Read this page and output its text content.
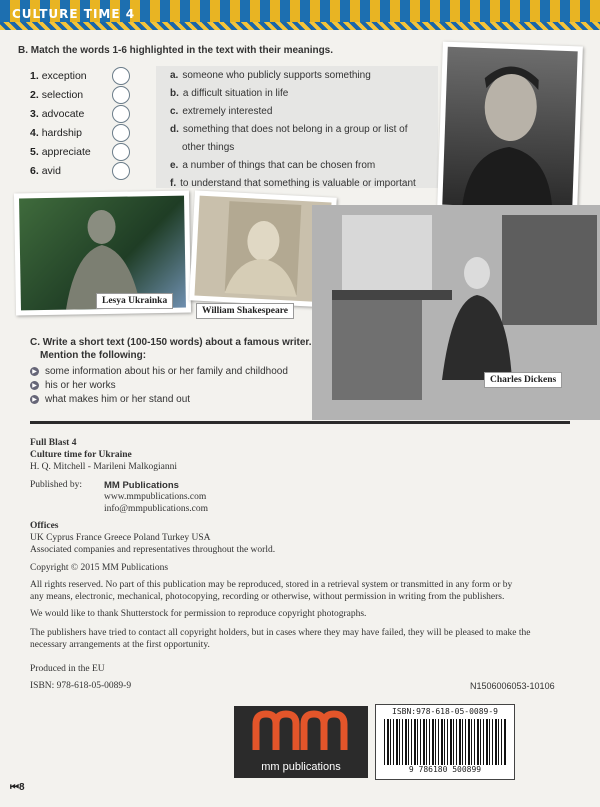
CULTURE TIME 4
B. Match the words 1-6 highlighted in the text with their meanings.
1. exception
2. selection
3. advocate
4. hardship
5. appreciate
6. avid
a. someone who publicly supports something
b. a difficult situation in life
c. extremely interested
d. something that does not belong in a group or list of
other things
e. a number of things that can be chosen from
f. to understand that something is valuable or important
Lesya Ukrainka
William Shakespeare
Charles Dickens
C. Write a short text (100-150 words) about a famous writer.
Mention the following:
▶ some information about his or her family and childhood
▶ his or her works
▶ what makes him or her stand out
Full Blast 4
Culture time for Ukraine
H. Q. Mitchell - Marileni Malkogianni
Published by: MM Publications
www.mmpublications.com
info@mmpublications.com
Offices
UK Cyprus France Greece Poland Turkey USA
Associated companies and representatives throughout the world.
Copyright © 2015 MM Publications
All rights reserved. No part of this publication may be reproduced, stored in a retrieval system or transmitted in any form or by
any means, electronic, mechanical, photocopying, recording or otherwise, without permission in writing from the publishers.
We would like to thank Shutterstock for permission to reproduce copyright photographs.
The publishers have tried to contact all copyright holders, but in cases where they may have failed, they will be pleased to make the
necessary arrangements at the first opportunity.
Produced in the EU
ISBN: 978-618-05-0089-9	N1506006053-10106
mm publications
ISBN:978-618-05-0089-9
9 786180 500899
⏮8
